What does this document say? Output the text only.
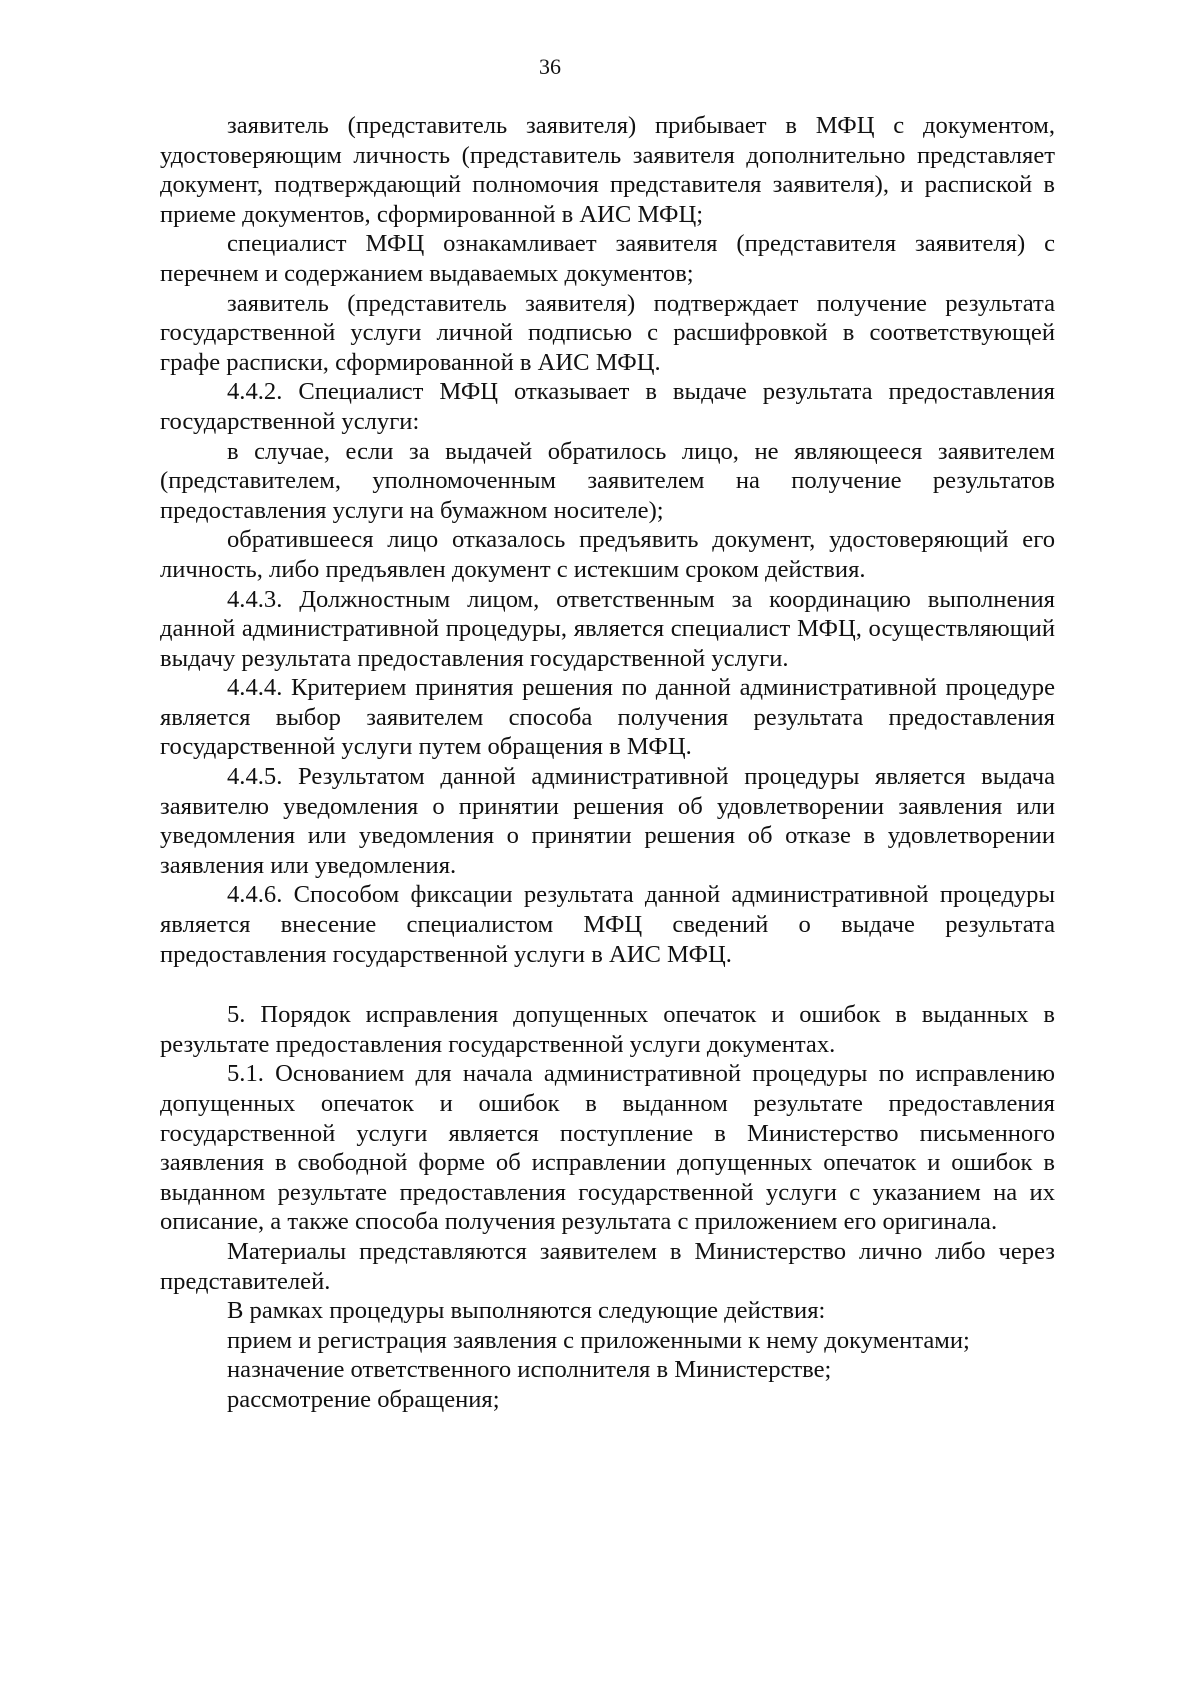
36

заявитель (представитель заявителя) прибывает в МФЦ с документом, удостоверяющим личность (представитель заявителя дополнительно представляет документ, подтверждающий полномочия представителя заявителя), и распиской в приеме документов, сформированной в АИС МФЦ;

специалист МФЦ ознакамливает заявителя (представителя заявителя) с перечнем и содержанием выдаваемых документов;

заявитель (представитель заявителя) подтверждает получение результата государственной услуги личной подписью с расшифровкой в соответствующей графе расписки, сформированной в АИС МФЦ.

4.4.2. Специалист МФЦ отказывает в выдаче результата предоставления государственной услуги:

в случае, если за выдачей обратилось лицо, не являющееся заявителем (представителем, уполномоченным заявителем на получение результатов предоставления услуги на бумажном носителе);

обратившееся лицо отказалось предъявить документ, удостоверяющий его личность, либо предъявлен документ с истекшим сроком действия.

4.4.3. Должностным лицом, ответственным за координацию выполнения данной административной процедуры, является специалист МФЦ, осуществляющий выдачу результата предоставления государственной услуги.

4.4.4. Критерием принятия решения по данной административной процедуре является выбор заявителем способа получения результата предоставления государственной услуги путем обращения в МФЦ.

4.4.5. Результатом данной административной процедуры является выдача заявителю уведомления о принятии решения об удовлетворении заявления или уведомления или уведомления о принятии решения об отказе в удовлетворении заявления или уведомления.

4.4.6. Способом фиксации результата данной административной процедуры является внесение специалистом МФЦ сведений о выдаче результата предоставления государственной услуги в АИС МФЦ.

5. Порядок исправления допущенных опечаток и ошибок в выданных в результате предоставления государственной услуги документах.

5.1. Основанием для начала административной процедуры по исправлению допущенных опечаток и ошибок в выданном результате предоставления государственной услуги является поступление в Министерство письменного заявления в свободной форме об исправлении допущенных опечаток и ошибок в выданном результате предоставления государственной услуги с указанием на их описание, а также способа получения результата с приложением его оригинала.

Материалы представляются заявителем в Министерство лично либо через представителей.

В рамках процедуры выполняются следующие действия:

прием и регистрация заявления с приложенными к нему документами;

назначение ответственного исполнителя в Министерстве;

рассмотрение обращения;
